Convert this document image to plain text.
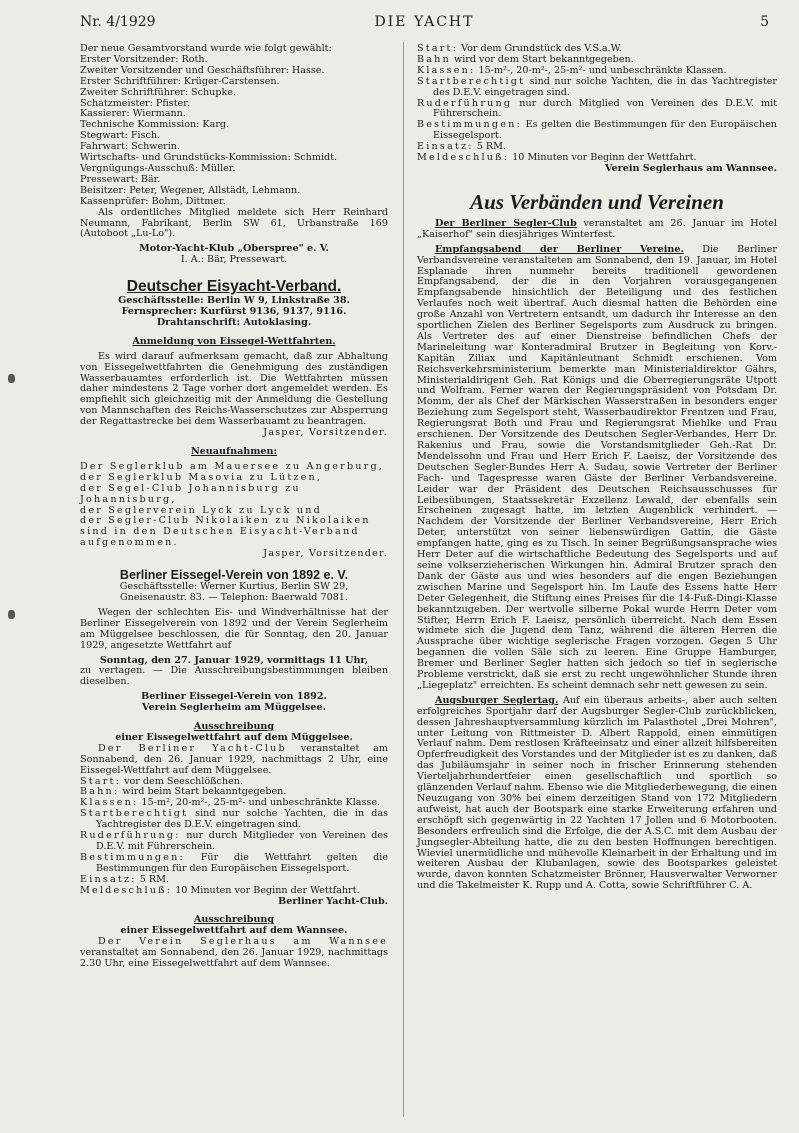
Nr. 4/1929	DIE YACHT	5

Der neue Gesamtvorstand wurde wie folgt gewählt:

Erster Vorsitzender: Roth.

Zweiter Vorsitzender und Geschäftsführer: Hasse.

Erster Schriftführer: Krüger-Carstensen.

Zweiter Schriftführer: Schupke.

Schatzmeister: Pfister.

Kassierer: Wiermann.

Technische Kommission: Karg.

Stegwart: Fisch.

Fahrwart: Schwerin.

Wirtschafts- und Grundstücks-Kommission: Schmidt.

Vergnügungs-Ausschuß: Müller.

Pressewart: Bär.

Beisitzer: Peter, Wegener, Allstädt, Lehmann.

Kassenprüfer: Bohm, Dittmer.

Als ordentliches Mitglied meldete sich Herr Reinhard Neumann, Fabrikant, Berlin SW 61, Urbanstraße 169 (Autoboot „Lu-Lo").

Motor-Yacht-Klub „Oberspree" e. V.

I. A.: Bär, Pressewart.

Deutscher Eisyacht-Verband.

Geschäftsstelle: Berlin W 9, Linkstraße 38.

Fernsprecher: Kurfürst 9136, 9137, 9116.

Drahtanschrift: Autoklasing.

Anmeldung von Eissegel-Wettfahrten.

Es wird darauf aufmerksam gemacht, daß zur Abhaltung von Eissegelwettfahrten die Genehmigung des zuständigen Wasserbauamtes erforderlich ist. Die Wettfahrten müssen daher mindestens 2 Tage vorher dort angemeldet werden. Es empfiehlt sich gleichzeitig mit der Anmeldung die Gestellung von Mannschaften des Reichs-Wasserschutzes zur Absperrung der Regattastrecke bei dem Wasserbauamt zu beantragen.

Jasper, Vorsitzender.

Neuaufnahmen:

Der Seglerklub am Mauersee zu Angerburg,

der Seglerklub Masovia zu Lützen,

der Segel-Club Johannisburg zu Johannisburg,

der Seglerverein Lyck zu Lyck und

der Segler-Club Nikolaiken zu Nikolaiken sind in den Deutschen Eisyacht-Verband aufgenommen.

Jasper, Vorsitzender.

Berliner Eissegel-Verein von 1892 e. V.

Geschäftsstelle: Werner Kurtius, Berlin SW 29,

Gneisenaustr. 83. — Telephon: Baerwald 7081.

Wegen der schlechten Eis- und Windverhältnisse hat der Berliner Eissegelverein von 1892 und der Verein Seglerheim am Müggelsee beschlossen, die für Sonntag, den 20. Januar 1929, angesetzte Wettfahrt auf

Sonntag, den 27. Januar 1929, vormittags 11 Uhr,

zu vertagen. — Die Ausschreibungsbestimmungen bleiben dieselben.

Berliner Eissegel-Verein von 1892.

Verein Seglerheim am Müggelsee.

Ausschreibung

einer Eissegelwettfahrt auf dem Müggelsee.

Der Berliner Yacht-Club veranstaltet am Sonnabend, den 26. Januar 1929, nachmittags 2 Uhr, eine Eissegel-Wettfahrt auf dem Müggelsee.

Start: vor dem Seeschlößchen.

Bahn: wird beim Start bekanntgegeben.

Klassen: 15-m², 20-m²-, 25-m²- und unbeschränkte Klasse.

Startberechtigt sind nur solche Yachten, die in das Yachtregister des D.E.V. eingetragen sind.

Ruderführung: nur durch Mitglieder von Vereinen des D.E.V. mit Führerschein.

Bestimmungen: Für die Wettfahrt gelten die Bestimmungen für den Europäischen Eissegelsport.

Einsatz: 5 RM.

Meldeschluß: 10 Minuten vor Beginn der Wettfahrt.

Berliner Yacht-Club.

Ausschreibung

einer Eissegelwettfahrt auf dem Wannsee.

Der Verein Seglerhaus am Wannsee veranstaltet am Sonnabend, den 26. Januar 1929, nachmittags 2.30 Uhr, eine Eissegelwettfahrt auf dem Wannsee.

Start: Vor dem Grundstück des V.S.a.W.

Bahn wird vor dem Start bekanntgegeben.

Klassen: 15-m²-, 20-m²-, 25-m²- und unbeschränkte Klassen.

Startberechtigt sind nur solche Yachten, die in das Yachtregister des D.E.V. eingetragen sind.

Ruderführung nur durch Mitglied von Vereinen des D.E.V. mit Führerschein.

Bestimmungen: Es gelten die Bestimmungen für den Europäischen Eissegelsport.

Einsatz: 5 RM.

Meldeschluß: 10 Minuten vor Beginn der Wettfahrt.

Verein Seglerhaus am Wannsee.

Aus Verbänden und Vereinen

Der Berliner Segler-Club veranstaltet am 26. Januar im Hotel „Kaiserhof" sein diesjähriges Winterfest.

Empfangsabend der Berliner Vereine. Die Berliner Verbandsvereine veranstalteten am Sonnabend, den 19. Januar, im Hotel Esplanade ihren nunmehr bereits traditionell gewordenen Empfangsabend, der die in den Vorjahren vorausgegangenen Empfangsabende hinsichtlich der Beteiligung und des festlichen Verlaufes noch weit übertraf. Auch diesmal hatten die Behörden eine große Anzahl von Vertretern entsandt, um dadurch ihr Interesse an den sportlichen Zielen des Berliner Segelsports zum Ausdruck zu bringen. Als Vertreter des auf einer Dienstreise befindlichen Chefs der Marineleitung war Konteradmiral Brutzer in Begleitung von Korv.-Kapitän Ziliax und Kapitänleutnant Schmidt erschienen. Vom Reichsverkehrsministerium bemerkte man Ministerialdirektor Gährs, Ministerialdirigent Geh. Rat Königs und die Oberregierungsräte Utpott und Wolfram. Ferner waren der Regierungspräsident von Potsdam Dr. Momm, der als Chef der Märkischen Wasserstraßen in besonders enger Beziehung zum Segelsport steht, Wasserbaudirektor Frentzen und Frau, Regierungsrat Both und Frau und Regierungsrat Miehlke und Frau erschienen. Der Vorsitzende des Deutschen Segler-Verbandes, Herr Dr. Rakenius und Frau, sowie die Vorstandsmitglieder Geh.-Rat Dr. Mendelssohn und Frau und Herr Erich F. Laeisz, der Vorsitzende des Deutschen Segler-Bundes Herr A. Sudau, sowie Vertreter der Berliner Fach- und Tagespresse waren Gäste der Berliner Verbandsvereine. Leider war der Präsident des Deutschen Reichsausschusses für Leibesübungen, Staatssekretär Exzellenz Lewald, der ebenfalls sein Erscheinen zugesagt hatte, im letzten Augenblick verhindert. — Nachdem der Vorsitzende der Berliner Verbandsvereine, Herr Erich Deter, unterstützt von seiner liebenswürdigen Gattin, die Gäste empfangen hatte, ging es zu Tisch. In seiner Begrüßungsansprache wies Herr Deter auf die wirtschaftliche Bedeutung des Segelsports und auf seine volkserzieherischen Wirkungen hin. Admiral Brutzer sprach den Dank der Gäste aus und wies besonders auf die engen Beziehungen zwischen Marine und Segelsport hin. Im Laufe des Essens hatte Herr Deter Gelegenheit, die Stiftung eines Preises für die 14-Fuß-Dingi-Klasse bekanntzugeben. Der wertvolle silberne Pokal wurde Herrn Deter vom Stifter, Herrn Erich F. Laeisz, persönlich überreicht. Nach dem Essen widmete sich die Jugend dem Tanz, während die älteren Herren die Aussprache über wichtige seglerische Fragen vorzogen. Gegen 5 Uhr begannen die vollen Säle sich zu leeren. Eine Gruppe Hamburger, Bremer und Berliner Segler hatten sich jedoch so tief in seglerische Probleme verstrickt, daß sie erst zu recht ungewöhnlicher Stunde ihren „Liegeplatz" erreichten. Es scheint demnach sehr nett gewesen zu sein.

Augsburger Seglertag. Auf ein überaus arbeits-, aber auch selten erfolgreiches Sportjahr darf der Augsburger Segler-Club zurückblicken, dessen Jahreshauptversammlung kürzlich im Palasthotel „Drei Mohren", unter Leitung von Rittmeister D. Albert Rappold, einen einmütigen Verlauf nahm. Dem restlosen Kräfteeinsatz und einer allzeit hilfsbereiten Opferfreudigkeit des Vorstandes und der Mitglieder ist es zu danken, daß das Jubiläumsjahr in seiner noch in frischer Erinnerung stehenden Vierteljahrhundertfeier einen gesellschaftlich und sportlich so glänzenden Verlauf nahm. Ebenso wie die Mitgliederbewegung, die einen Neuzugang von 30% bei einem derzeitigen Stand von 172 Mitgliedern aufweist, hat auch der Bootspark eine starke Erweiterung erfahren und erschöpft sich gegenwärtig in 22 Yachten 17 Jollen und 6 Motorbooten. Besonders erfreulich sind die Erfolge, die der A.S.C. mit dem Ausbau der Jungsegler-Abteilung hatte, die zu den besten Hoffnungen berechtigen. Wieviel unermüdliche und mühevolle Kleinarbeit in der Erhaltung und im weiteren Ausbau der Klubanlagen, sowie des Bootsparkes geleistet wurde, davon konnten Schatzmeister Brönner, Hausverwalter Verworner und die Takelmeister K. Rupp und A. Cotta, sowie Schriftführer C. A.
